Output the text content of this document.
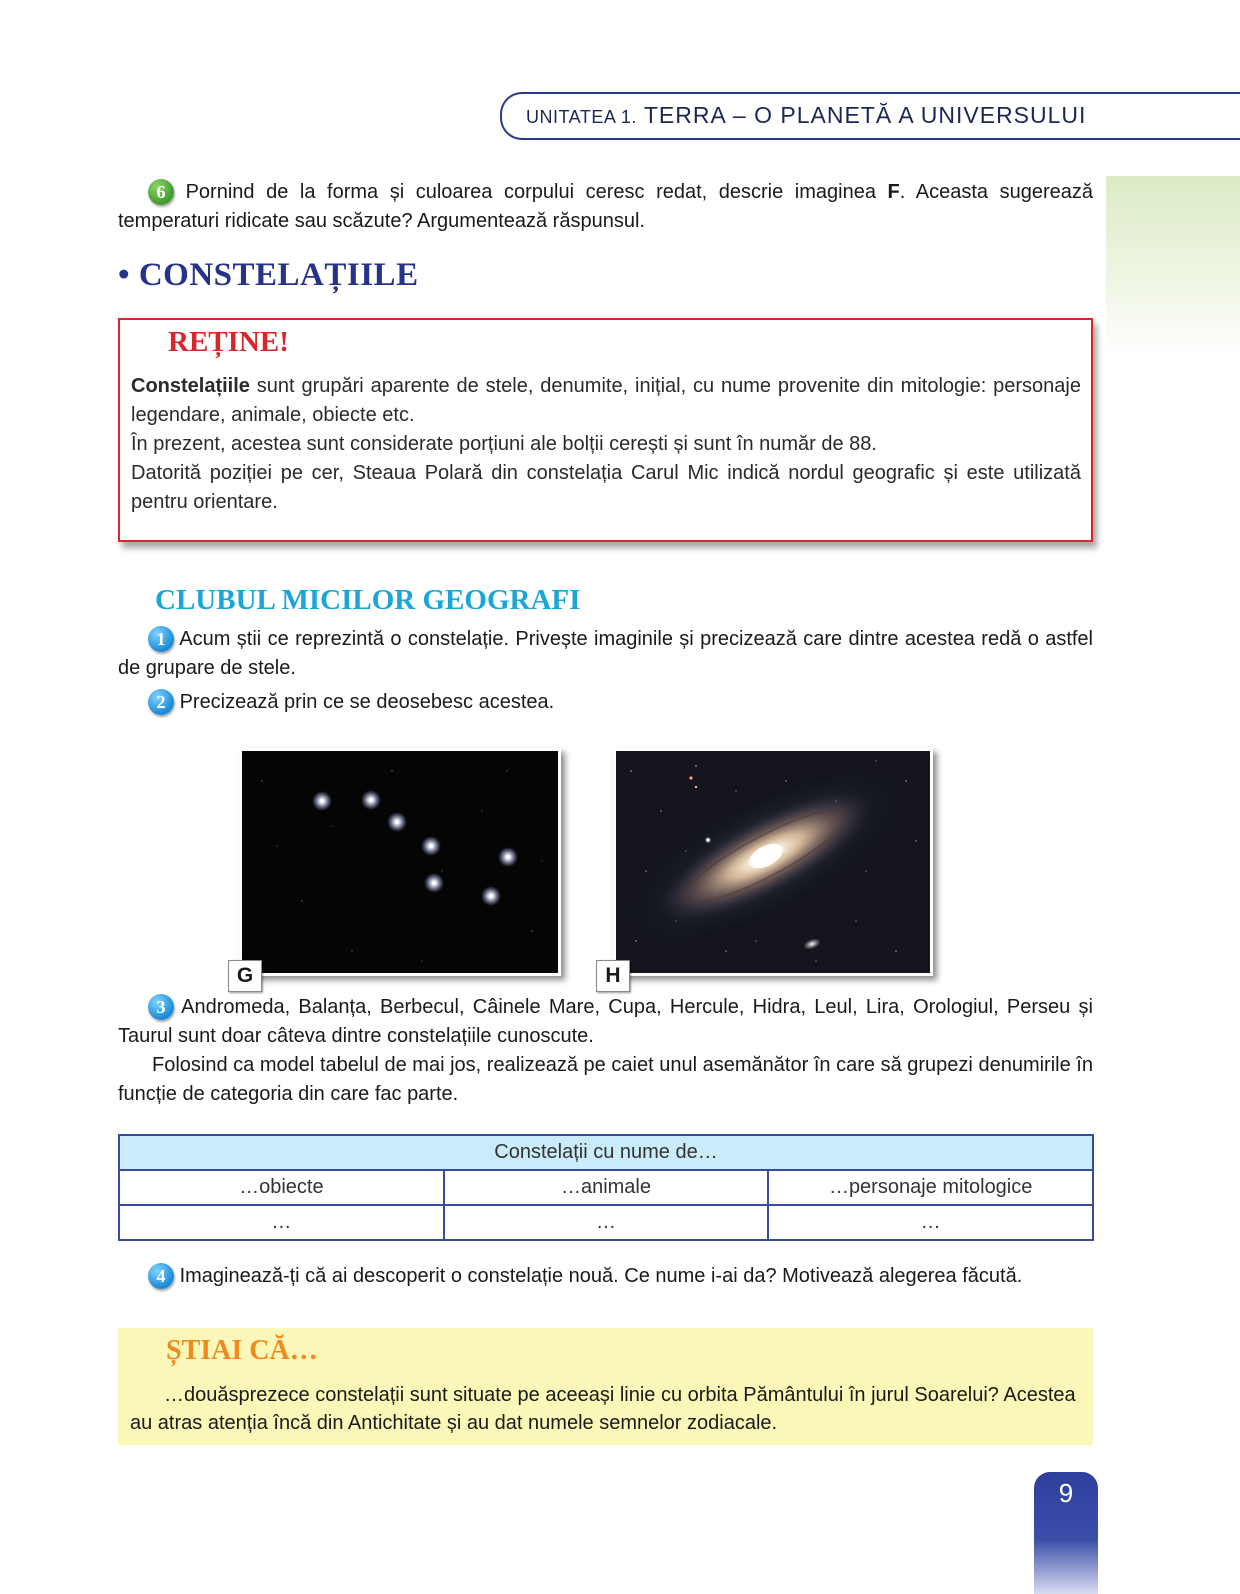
UNITATEA 1. TERRA – O PLANETĂ A UNIVERSULUI
6 Pornind de la forma și culoarea corpului ceresc redat, descrie imaginea F. Aceasta sugerează temperaturi ridicate sau scăzute? Argumentează răspunsul.
• CONSTELAȚIILE
REȚINE!
Constelațiile sunt grupări aparente de stele, denumite, inițial, cu nume provenite din mitologie: personaje legendare, animale, obiecte etc.
În prezent, acestea sunt considerate porțiuni ale bolții cerești și sunt în număr de 88.
Datorită poziției pe cer, Steaua Polară din constelația Carul Mic indică nordul geografic și este utilizată pentru orientare.
CLUBUL MICILOR GEOGRAFI
1 Acum știi ce reprezintă o constelație. Privește imaginile și precizează care dintre acestea redă o astfel de grupare de stele.
2 Precizează prin ce se deosebesc acestea.
G	H
3 Andromeda, Balanța, Berbecul, Câinele Mare, Cupa, Hercule, Hidra, Leul, Lira, Orologiul, Perseu și Taurul sunt doar câteva dintre constelațiile cunoscute.
Folosind ca model tabelul de mai jos, realizează pe caiet unul asemănător în care să grupezi denumirile în funcție de categoria din care fac parte.
Constelații cu nume de…		
…obiecte	…animale	…personaje mitologice
…	…	…
4 Imaginează-ți că ai descoperit o constelație nouă. Ce nume i-ai da? Motivează alegerea făcută.
ȘTIAI CĂ…
…douăsprezece constelații sunt situate pe aceeași linie cu orbita Pământului în jurul Soarelui? Acestea au atras atenția încă din Antichitate și au dat numele semnelor zodiacale.
9
